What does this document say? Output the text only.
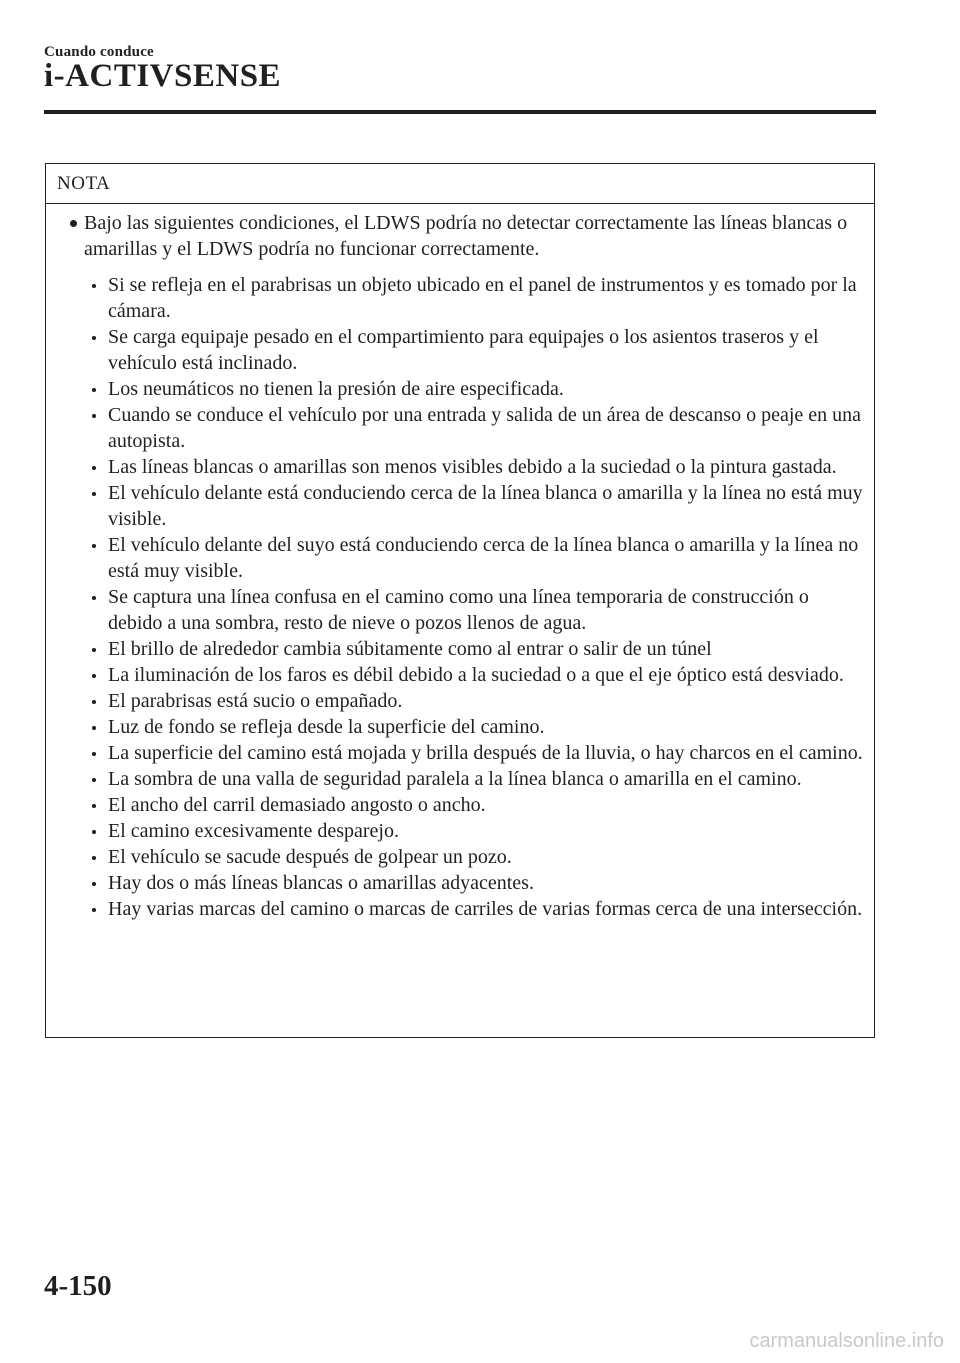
Cuando conduce
i-ACTIVSENSE
NOTA
Bajo las siguientes condiciones, el LDWS podría no detectar correctamente las líneas blancas o amarillas y el LDWS podría no funcionar correctamente.
Si se refleja en el parabrisas un objeto ubicado en el panel de instrumentos y es tomado por la cámara.
Se carga equipaje pesado en el compartimiento para equipajes o los asientos traseros y el vehículo está inclinado.
Los neumáticos no tienen la presión de aire especificada.
Cuando se conduce el vehículo por una entrada y salida de un área de descanso o peaje en una autopista.
Las líneas blancas o amarillas son menos visibles debido a la suciedad o la pintura gastada.
El vehículo delante está conduciendo cerca de la línea blanca o amarilla y la línea no está muy visible.
El vehículo delante del suyo está conduciendo cerca de la línea blanca o amarilla y la línea no está muy visible.
Se captura una línea confusa en el camino como una línea temporaria de construcción o debido a una sombra, resto de nieve o pozos llenos de agua.
El brillo de alrededor cambia súbitamente como al entrar o salir de un túnel
La iluminación de los faros es débil debido a la suciedad o a que el eje óptico está desviado.
El parabrisas está sucio o empañado.
Luz de fondo se refleja desde la superficie del camino.
La superficie del camino está mojada y brilla después de la lluvia, o hay charcos en el camino.
La sombra de una valla de seguridad paralela a la línea blanca o amarilla en el camino.
El ancho del carril demasiado angosto o ancho.
El camino excesivamente desparejo.
El vehículo se sacude después de golpear un pozo.
Hay dos o más líneas blancas o amarillas adyacentes.
Hay varias marcas del camino o marcas de carriles de varias formas cerca de una intersección.
4-150
carmanualsonline.info
